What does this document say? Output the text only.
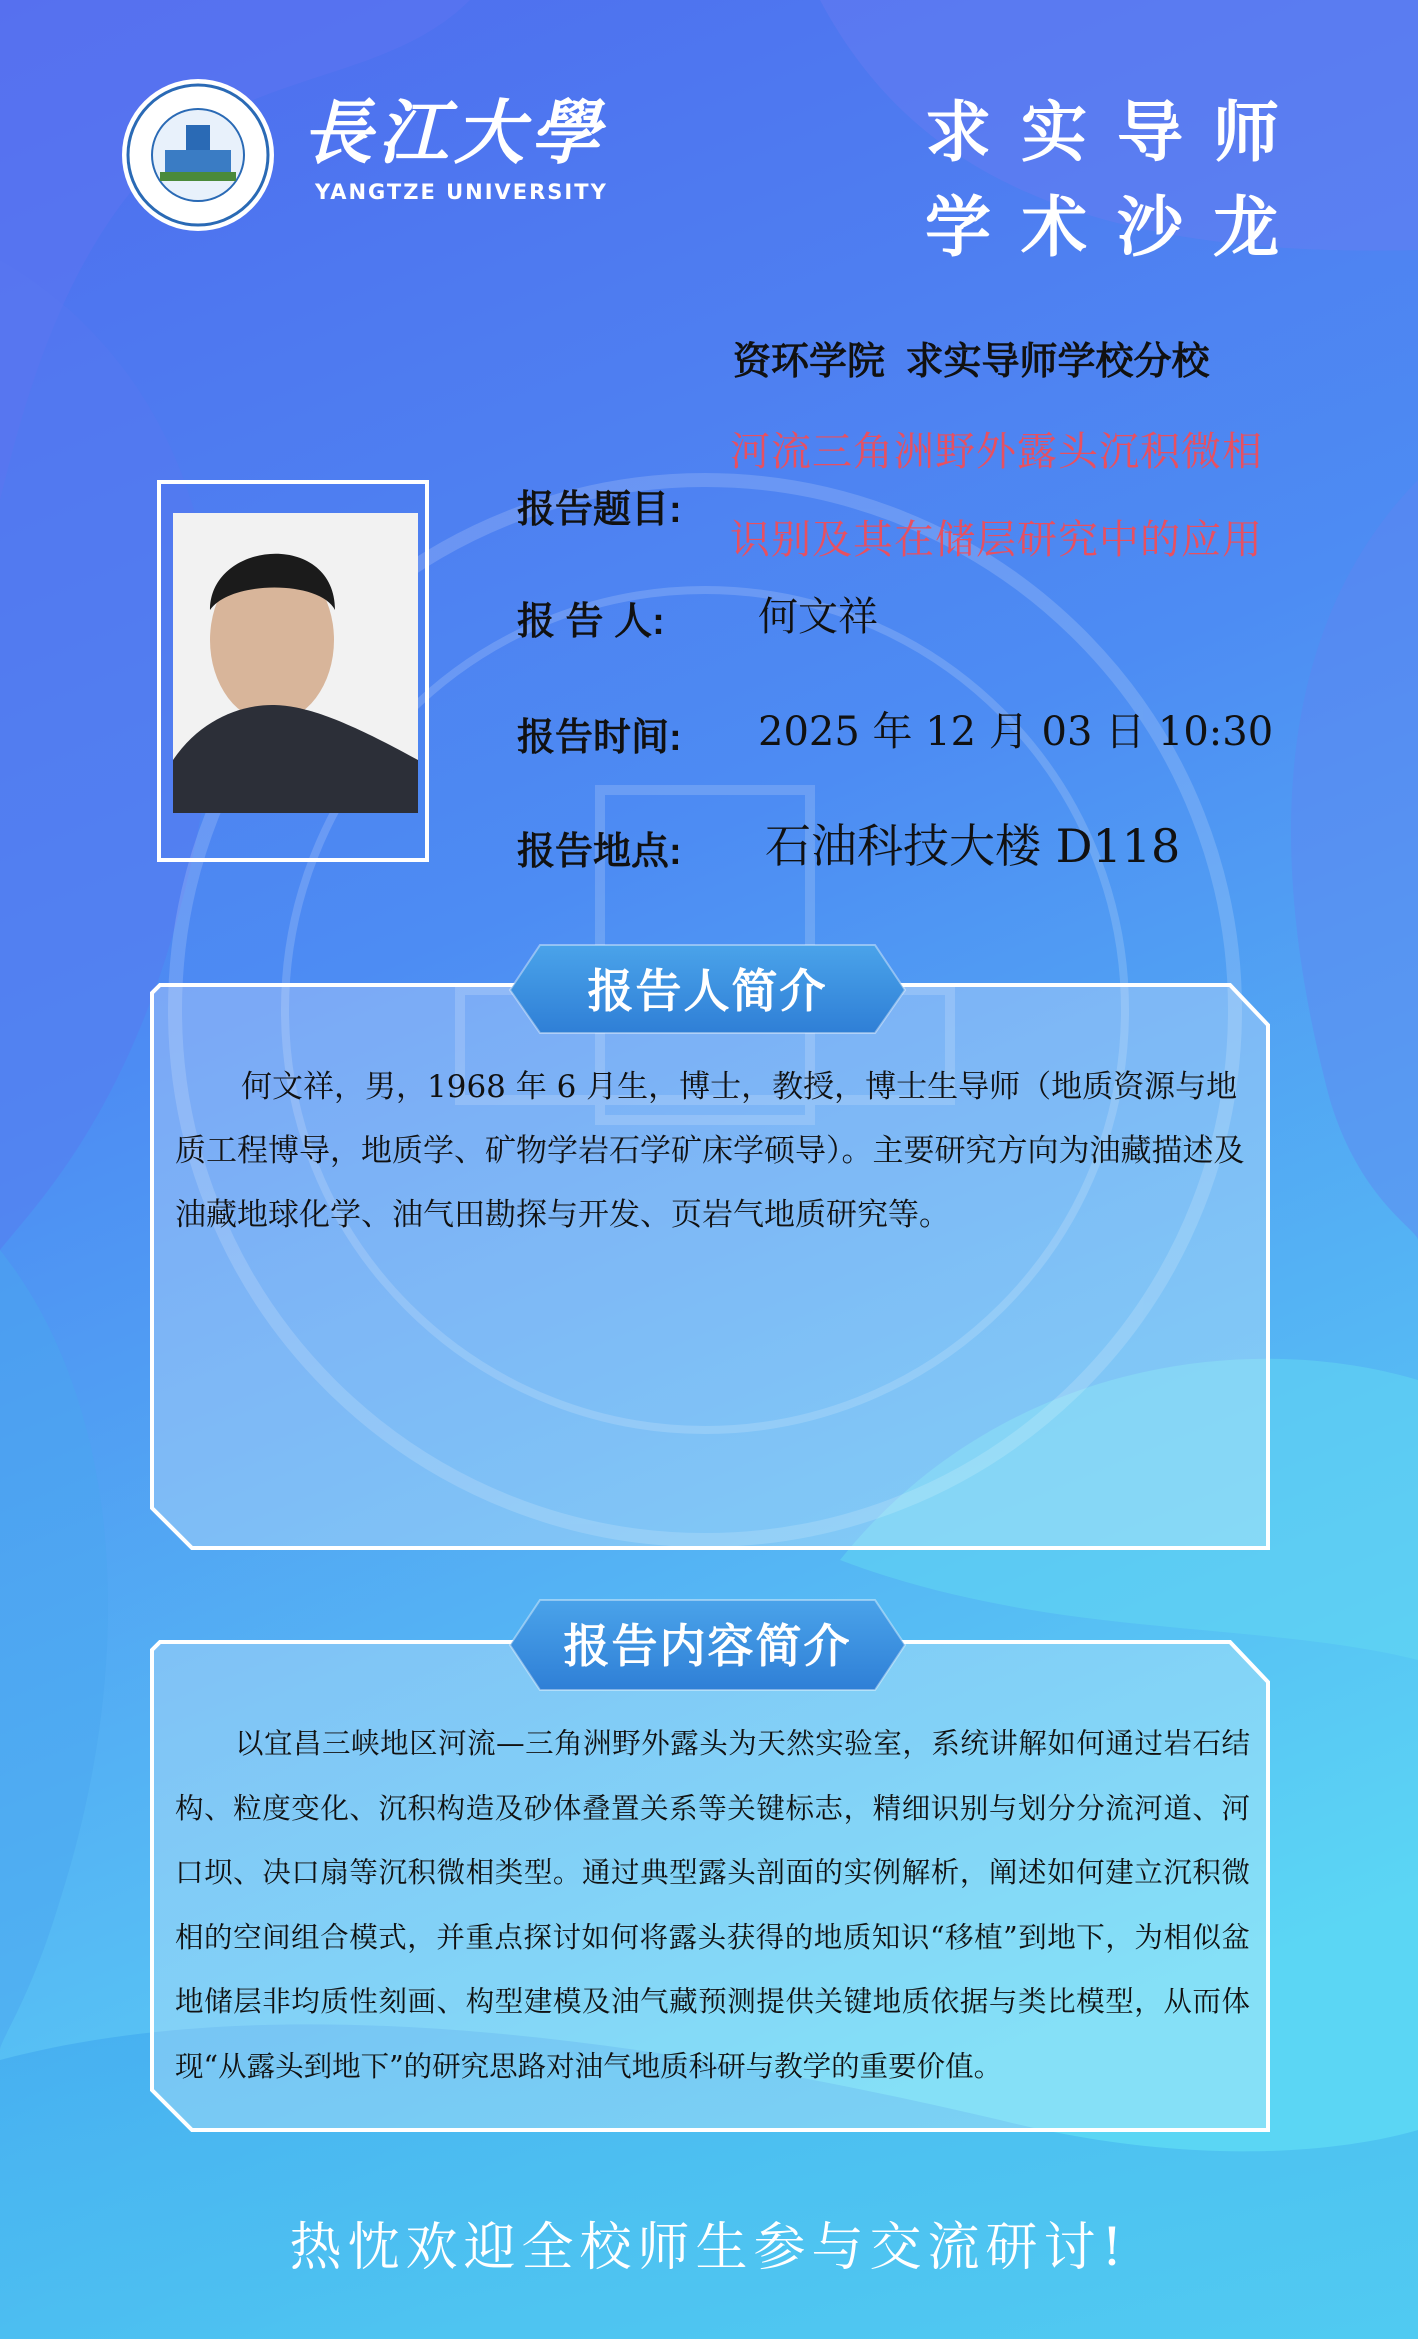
長江大學
YANGTZE UNIVERSITY
求实导师
学术沙龙
资环学院 求实导师学校分校
报告题目:
河流三角洲野外露头沉积微相
识别及其在储层研究中的应用
报 告 人: 何文祥
报告时间: 2025 年 12 月 03 日 10:30
报告地点: 石油科技大楼 D118
报告人简介
何文祥，男，1968 年 6 月生，博士，教授，博士生导师（地质资源与地质工程博导，地质学、矿物学岩石学矿床学硕导）。主要研究方向为油藏描述及油藏地球化学、油气田勘探与开发、页岩气地质研究等。
报告内容简介
以宜昌三峡地区河流—三角洲野外露头为天然实验室，系统讲解如何通过岩石结构、粒度变化、沉积构造及砂体叠置关系等关键标志，精细识别与划分分流河道、河口坝、决口扇等沉积微相类型。通过典型露头剖面的实例解析，阐述如何建立沉积微相的空间组合模式，并重点探讨如何将露头获得的地质知识“移植”到地下，为相似盆地储层非均质性刻画、构型建模及油气藏预测提供关键地质依据与类比模型，从而体现“从露头到地下”的研究思路对油气地质科研与教学的重要价值。
热忱欢迎全校师生参与交流研讨!
